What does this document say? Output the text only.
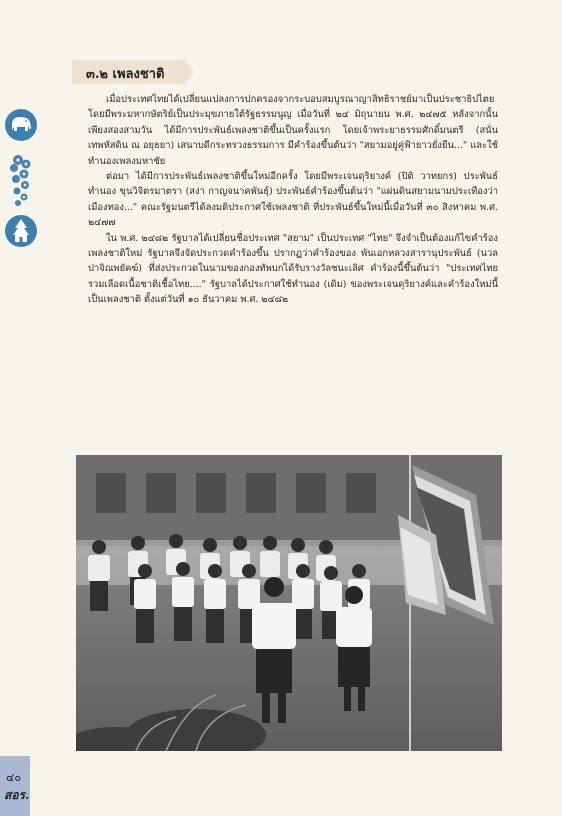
๓.๒ เพลงชาติ

เมื่อประเทศไทยได้เปลี่ยนแปลงการปกครองจากระบอบสมบูรณาญาสิทธิราชย์มาเป็นประชาธิปไตย โดยมีพระมหากษัตริย์เป็นประมุขภายใต้รัฐธรรมนูญ เมื่อวันที่ ๒๔ มิถุนายน พ.ศ. ๒๔๗๕ หลังจากนั้นเพียงสองสามวัน ได้มีการประพันธ์เพลงชาติขึ้นเป็นครั้งแรก โดยเจ้าพระยาธรรมศักดิ์มนตรี (สนั่น เทพหัสดิน ณ อยุธยา) เสนาบดีกระทรวงธรรมการ มีคำร้องขึ้นต้นว่า "สยามอยู่คู่ฟ้ายาวยั่งยืน..." และใช้ทำนองเพลงมหาชัย

ต่อมา ได้มีการประพันธ์เพลงชาติขึ้นใหม่อีกครั้ง โดยมีพระเจนดุริยางค์ (ปิติ วาทยกร) ประพันธ์ทำนอง ขุนวิจิตรมาตรา (สง่า กาญจนาคพันธุ์) ประพันธ์คำร้องขึ้นต้นว่า "แผ่นดินสยามนามประเทืองว่าเมืองทอง..." คณะรัฐมนตรีได้ลงมติประกาศใช้เพลงชาติ ที่ประพันธ์ขึ้นใหม่นี้เมื่อวันที่ ๓๐ สิงหาคม พ.ศ. ๒๔๗๗

ใน พ.ศ. ๒๔๘๒ รัฐบาลได้เปลี่ยนชื่อประเทศ "สยาม" เป็นประเทศ "ไทย" จึงจำเป็นต้องแก้ไขคำร้องเพลงชาติใหม่ รัฐบาลจึงจัดประกวดคำร้องขึ้น ปรากฏว่าคำร้องของ พันเอกหลวงสารานุประพันธ์ (นวล ปาจิณพยัคฆ์) ที่ส่งประกวดในนามของกองทัพบกได้รับรางวัลชนะเลิศ คำร้องนี้ขึ้นต้นว่า "ประเทศไทยรวมเลือดเนื้อชาติเชื้อไทย...." รัฐบาลได้ประกาศใช้ทำนอง (เดิม) ของพระเจนดุริยางค์และคำร้องใหม่นี้เป็นเพลงชาติ ตั้งแต่วันที่ ๑๐ ธันวาคม พ.ศ. ๒๔๘๒

๔๐
สอร.
